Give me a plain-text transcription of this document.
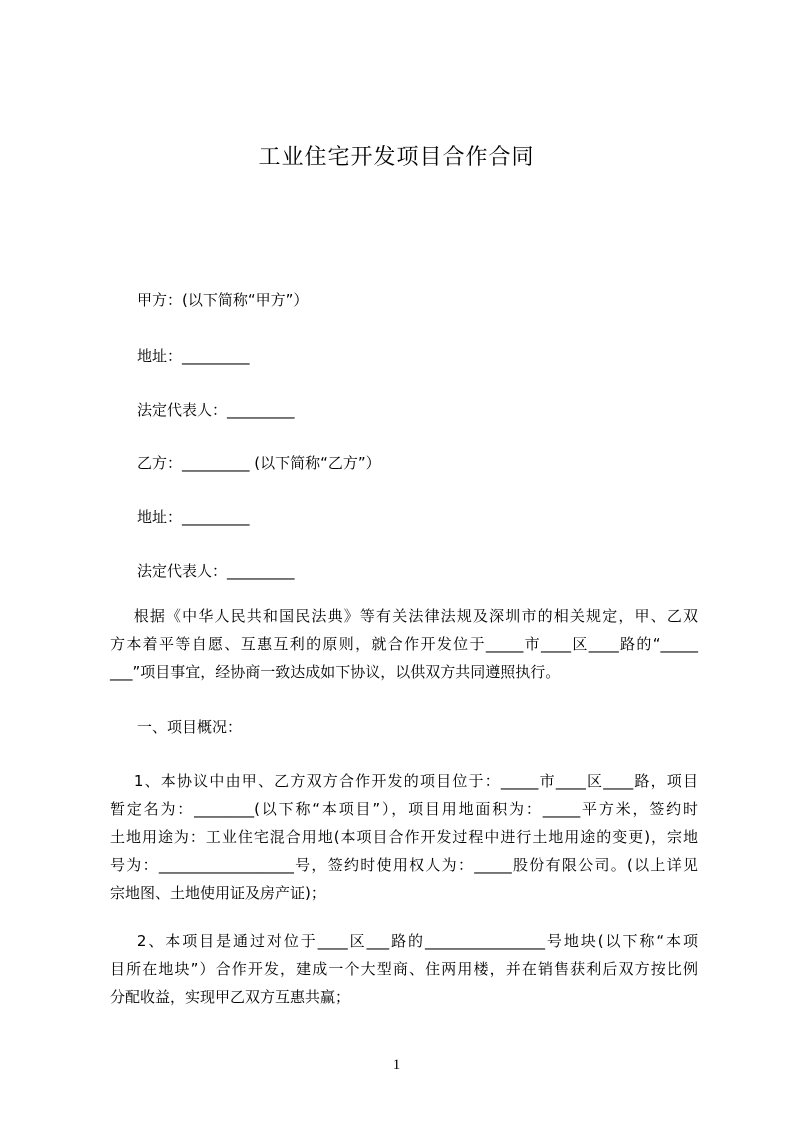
工业住宅开发项目合作合同
甲方：(以下简称“甲方”）
地址：_________
法定代表人：_________
乙方：_________ (以下简称“乙方”）
地址：_________
法定代表人：_________
根据《中华人民共和国民法典》等有关法律法规及深圳市的相关规定，甲、乙双
方本着平等自愿、互惠互利的原则，就合作开发位于_____市____区____路的“_____
___”项目事宜，经协商一致达成如下协议，以供双方共同遵照执行。
一、项目概况：
1、本协议中由甲、乙方双方合作开发的项目位于：_____市____区____路，项目
暂定名为：________(以下称“本项目”），项目用地面积为：_____平方米，签约时
土地用途为：工业住宅混合用地(本项目合作开发过程中进行土地用途的变更)，宗地
号为：__________________号，签约时使用权人为：_____股份有限公司。(以上详见
宗地图、土地使用证及房产证)；
2、本项目是通过对位于____区___路的________________号地块(以下称“本项
目所在地块”）合作开发，建成一个大型商、住两用楼，并在销售获利后双方按比例
分配收益，实现甲乙双方互惠共赢；
1
